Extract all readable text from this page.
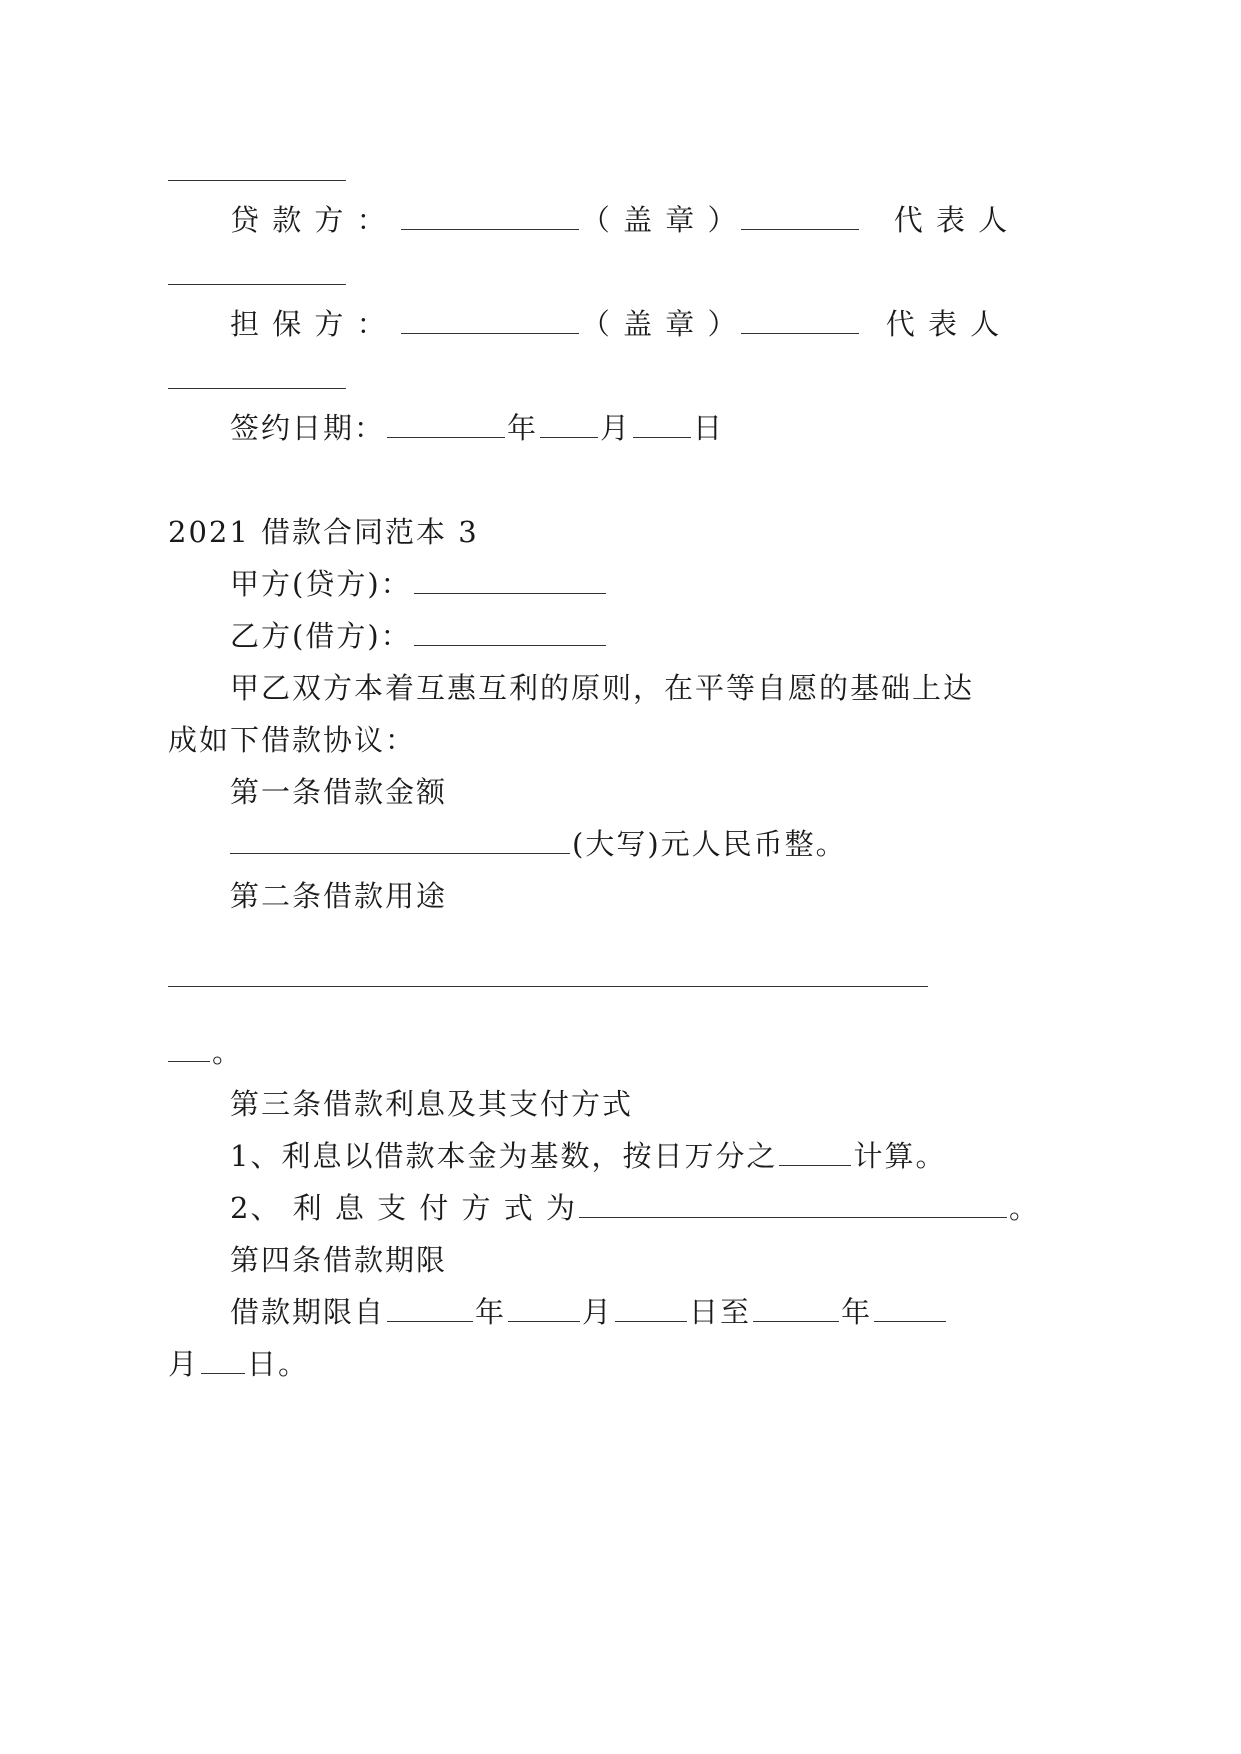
贷 款 方 ：	（ 盖 章 ）	代 表 人
担 保 方 ：	（ 盖 章 ）	代 表 人
签约日期：	年 月 日
2021 借款合同范本 3
甲方(贷方)：
乙方(借方)：
甲乙双方本着互惠互利的原则，在平等自愿的基础上达
成如下借款协议：
第一条借款金额
(大写)元人民币整。
第二条借款用途
。
第三条借款利息及其支付方式
1、利息以借款本金为基数，按日万分之	计算。
2、 利 息 支 付 方 式 为	。
第四条借款期限
借款期限自	年	月	日至	年
月 日。
